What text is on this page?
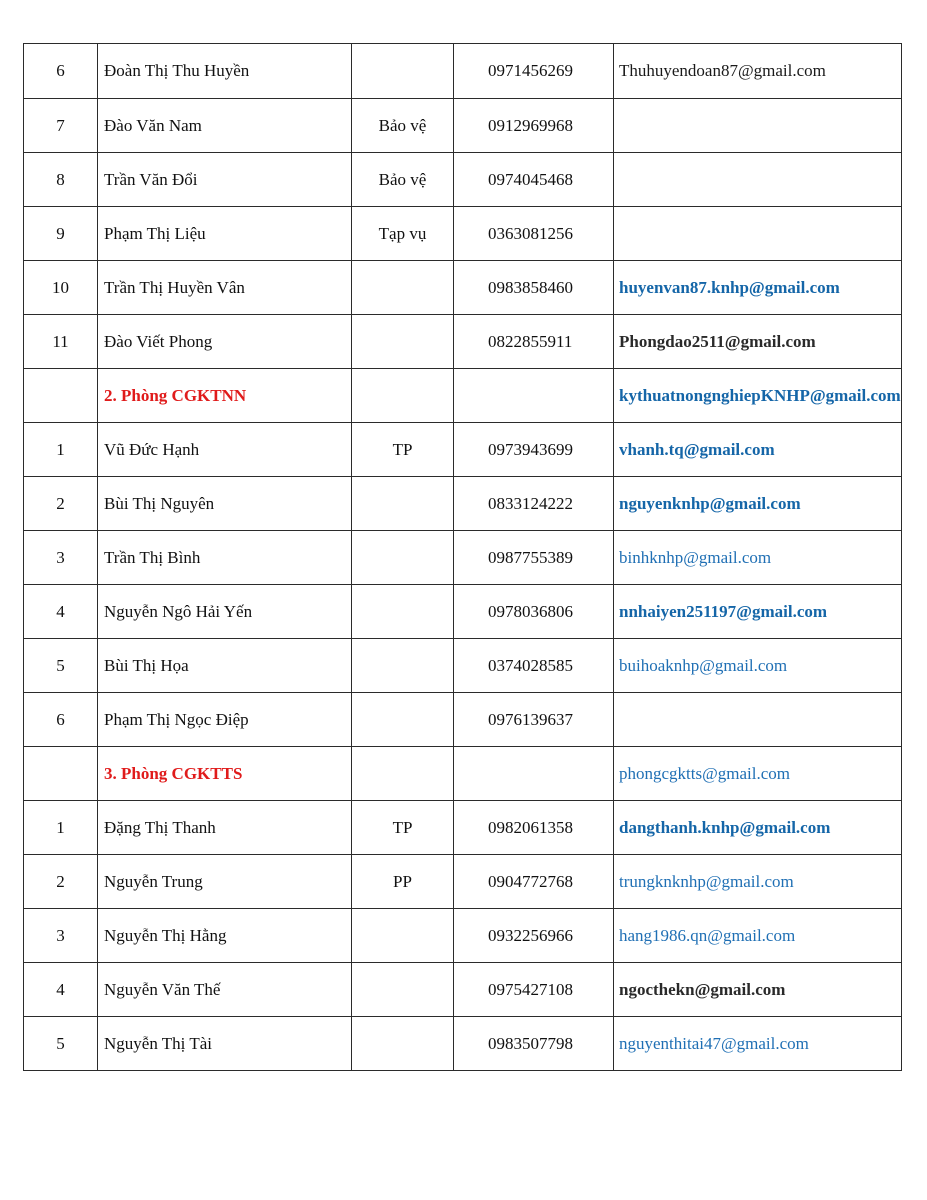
6	Đoàn Thị Thu Huyền		0971456269	Thuhuyendoan87@gmail.com
7	Đào Văn Nam	Bảo vệ	0912969968	
8	Trần Văn Đổi	Bảo vệ	0974045468	
9	Phạm Thị Liệu	Tạp vụ	0363081256	
10	Trần Thị Huyền Vân		0983858460	huyenvan87.knhp@gmail.com
11	Đào Viết Phong		0822855911	Phongdao2511@gmail.com
	2. Phòng CGKTNN			kythuatnongnghiepKNHP@gmail.com
1	Vũ Đức Hạnh	TP	0973943699	vhanh.tq@gmail.com
2	Bùi Thị Nguyên		0833124222	nguyenknhp@gmail.com
3	Trần Thị Bình		0987755389	binhknhp@gmail.com
4	Nguyễn Ngô Hải Yến		0978036806	nnhaiyen251197@gmail.com
5	Bùi Thị Họa		0374028585	buihoaknhp@gmail.com
6	Phạm Thị Ngọc Điệp		0976139637	
	3. Phòng CGKTTS			phongcgktts@gmail.com
1	Đặng Thị Thanh	TP	0982061358	dangthanh.knhp@gmail.com
2	Nguyễn Trung	PP	0904772768	trungknknhp@gmail.com
3	Nguyễn Thị Hằng		0932256966	hang1986.qn@gmail.com
4	Nguyễn Văn Thế		0975427108	ngocthekn@gmail.com
5	Nguyễn Thị Tài		0983507798	nguyenthitai47@gmail.com
